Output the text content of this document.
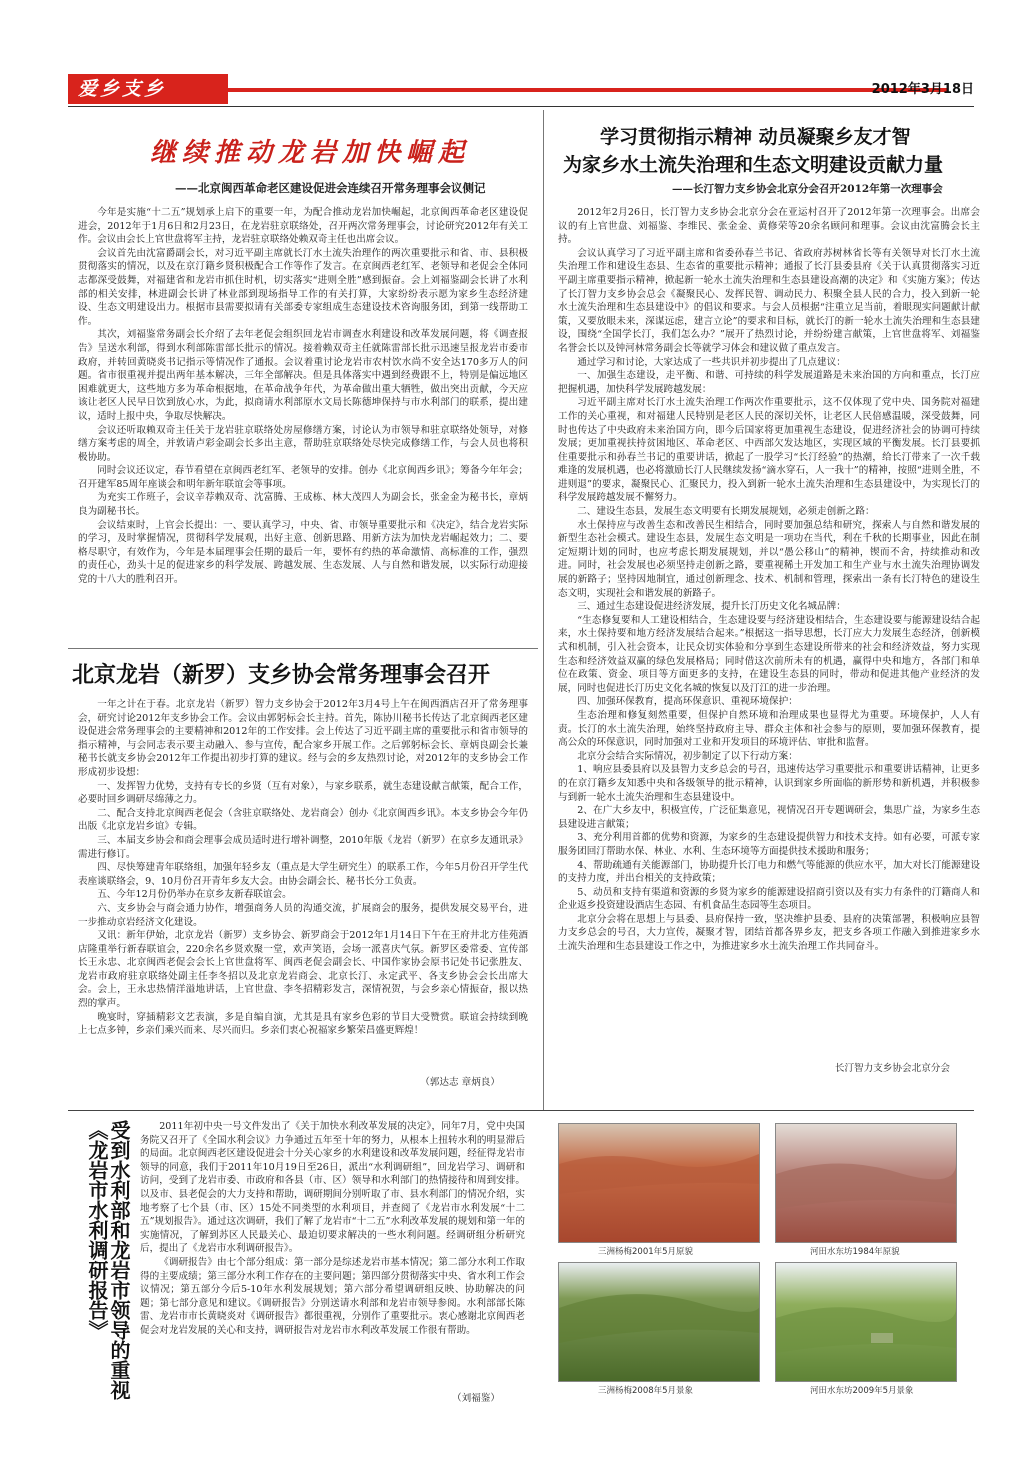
爱乡支乡	2012年3月18日
继续推动龙岩加快崛起
——北京闽西革命老区建设促进会连续召开常务理事会议侧记

今年是实施“十二五”规划承上启下的重要一年，为配合推动龙岩加快崛起，北京闽西革命老区建设促进会，2012年于1月6日和2月23日，在龙岩驻京联络处，召开两次常务理事会，讨论研究2012年有关工作。会议由会长上官世盘将军主持，龙岩驻京联络处赖双奇主任也出席会议。

会议首先由沈富爵副会长，对习近平副主席就长汀水土流失治理作的两次重要批示和省、市、县积极贯彻落实的情况，以及在京汀籍乡贤积极配合工作等作了发言。在京闽西老红军、老领导和老促会全体同志都深受鼓舞，对福建省和龙岩市抓住时机，切实落实“进则全胜”感到振奋。会上刘福鉴副会长讲了水利部的相关安排，林进副会长讲了林业部到现场指导工作的有关打算，大家纷纷表示愿为家乡生态经济建设、生态文明建设出力。根据市县需要拟请有关部委专家组成生态建设技术咨询服务团，到第一线帮助工作。

其次，刘福鉴常务副会长介绍了去年老促会组织回龙岩市调查水利建设和改革发展问题，将《调查报告》呈送水利部，得到水利部陈雷部长批示的情况。接着赖双奇主任就陈雷部长批示迅速呈报龙岩市委市政府，并转回黄晓炎书记指示等情况作了通报。会议着重讨论龙岩市农村饮水尚不安全达170多万人的问题。省市很重视并提出两年基本解决，三年全部解决。但是具体落实中遇到经费跟不上，特别是偏远地区困难就更大，这些地方多为革命根据地，在革命战争年代，为革命做出重大牺牲，做出突出贡献，今天应该让老区人民早日饮到放心水，为此，拟商请水利部原水文局长陈德坤保持与市水利部门的联系，提出建议，适时上报中央，争取尽快解决。

会议还听取赖双奇主任关于龙岩驻京联络处房屋修缮方案，讨论认为市领导和驻京联络处领导，对修缮方案考虑的周全，并敦请卢彩金副会长多出主意，帮助驻京联络处尽快完成修缮工作，与会人员也将积极协助。

同时会议还议定，春节看望在京闽西老红军、老领导的安排。创办《北京闽西乡讯》；筹备今年年会；召开建军85周年座谈会和明年新年联谊会等事项。

为充实工作班子，会议辛荐赖双奇、沈富腾、王成栋、林大茂四人为副会长，张金金为秘书长，章炳良为副秘书长。

会议结束时，上官会长提出：一、要认真学习，中央、省、市领导重要批示和《决定》，结合龙岩实际的学习，及时掌握情况，贯彻科学发展观，出好主意、创新思路、用新方法为加快龙岩崛起效力；二、要格尽职守，有效作为，今年是本届理事会任期的最后一年，要怀有约热的革命激情、高标准的工作，强烈的责任心，劲头十足的促进家乡的科学发展、跨越发展、生态发展、人与自然和谐发展，以实际行动迎接党的十八大的胜利召开。

北京龙岩（新罗）支乡协会常务理事会召开

一年之计在于春。北京龙岩（新罗）智力支乡协会于2012年3月4号上午在闽西酒店召开了常务理事会，研究讨论2012年支乡协会工作。会议由郭躬标会长主持。首先，陈协川秘书长传达了北京闽西老区建设促进会常务理事会的主要精神和2012年的工作安排。会上传达了习近平副主席的重要批示和省市领导的指示精神，与会同志表示要主动融入、参与宣传，配合家乡开展工作。之后郭躬标会长、章炳良副会长兼秘书长就支乡协会2012年工作提出初步打算的建议。经与会的乡友热烈讨论，对2012年的支乡协会工作形成初步设想：

一、发挥智力优势，支持有专长的乡贤（互有对象），与家乡联系，就生态建设献言献策，配合工作，必要时回乡调研尽绵薄之力。

二、配合支持北京闽西老促会（含驻京联络处、龙岩商会）创办《北京闽西乡讯》。本支乡协会今年仍出版《北京龙岩乡谊》专辑。

三、本届支乡协会和商会理事会成员适时进行增补调整，2010年版《龙岩（新罗）在京乡友通讯录》需进行修订。

四、尽快筹建青年联络组，加强年轻乡友（重点是大学生研究生）的联系工作，今年5月份召开学生代表座谈联络会，9、10月份召开青年乡友大会。由协会副会长、秘书长分工负责。

五、今年12月份仍举办在京乡友新春联谊会。

六、支乡协会与商会通力协作，增强商务人员的沟通交流，扩展商会的服务，提供发展交易平台，进一步推动京岩经济文化建设。

又讯：新年伊始，北京龙岩（新罗）支乡协会、新罗商会于2012年1月14日下午在王府井北方佳苑酒店隆重举行新春联谊会，220余名乡贤欢聚一堂，欢声笑语，会场一派喜庆气氛。新罗区委常委、宣传部长王永忠、北京闽西老促会会长上官世盘将军、闽西老促会副会长、中国作家协会原书记处书记张胜友、龙岩市政府驻京联络处副主任李冬招以及北京龙岩商会、北京长汀、永定武平、各支乡协会会长出席大会。会上，王永忠热情洋溢地讲话，上官世盘、李冬招精彩发言，深情祝贺，与会乡亲心情振奋，报以热烈的掌声。

晚宴时，穿插精彩文艺表演，多是自编自演，尤其是具有家乡色彩的节目大受赞赏。联谊会持续到晚上七点多钟，乡亲们乘兴而来、尽兴而归。乡亲们衷心祝福家乡繁荣昌盛更辉煌！

（郭达志 章炳良）
学习贯彻指示精神 动员凝聚乡友才智
为家乡水土流失治理和生态文明建设贡献力量
——长汀智力支乡协会北京分会召开2012年第一次理事会

2012年2月26日，长汀智力支乡协会北京分会在亚运村召开了2012年第一次理事会。出席会议的有上官世盘、刘福鉴、李维民、张金金、黄修荣等20余名顾问和理事。会议由沈富腾会长主持。

会议认真学习了习近平副主席和省委孙春兰书记、省政府苏树林省长等有关领导对长汀水土流失治理工作和建设生态县、生态省的重要批示精神；通报了长汀县委县府《关于认真贯彻落实习近平副主席重要指示精神，掀起新一轮水土流失治理和生态县建设高潮的决定》和《实施方案》；传达了长汀智力支乡协会总会《凝聚民心、发挥民智、调动民力、积聚全县人民的合力，投入到新一轮水土流失治理和生态县建设中》的倡议和要求。与会人员根据“注重立足当前，着眼现实问题献计献策，又要放眼未来，深谋远虑，建言立论”的要求和目标，就长汀的新一轮水土流失治理和生态县建设，围绕“全国学长汀，我们怎么办？”展开了热烈讨论，并纷纷建言献策，上官世盘将军、刘福鉴名誉会长以及钟河林常务副会长等就学习体会和建议做了重点发言。

通过学习和讨论，大家达成了一些共识并初步提出了几点建议：

一、加强生态建设，走平衡、和谐、可持续的科学发展道路是未来治国的方向和重点，长汀应把握机遇，加快科学发展跨越发展：

习近平副主席对长汀水土流失治理工作两次作重要批示，这不仅体现了党中央、国务院对福建工作的关心重视，和对福建人民特别是老区人民的深切关怀，让老区人民倍感温暖，深受鼓舞，同时也传达了中央政府未来治国方向，即今后国家将更加重视生态建设，促进经济社会的协调可持续发展；更加重视扶持贫困地区、革命老区、中西部欠发达地区，实现区域的平衡发展。长汀县要抓住重要批示和孙春兰书记的重要讲话，掀起了一股学习“长汀经验”的热潮，给长汀带来了一次千载难逢的发展机遇，也必将激励长汀人民继续发扬“滴水穿石，人一我十”的精神，按照“进则全胜，不进则退”的要求，凝聚民心、汇聚民力，投入到新一轮水土流失治理和生态县建设中，为实现长汀的科学发展跨越发展不懈努力。

二、建设生态县，发展生态文明要有长期发展规划，必须走创新之路：

水土保持应与改善生态和改善民生相结合，同时要加强总结和研究，探索人与自然和谐发展的新型生态社会模式。建设生态县，发展生态文明是一项功在当代，利在千秋的长期事业，因此在制定短期计划的同时，也应考虑长期发展规划，并以“愚公移山”的精神，锲而不舍，持续推动和改进。同时，社会发展也必须坚持走创新之路，要重视稀土开发加工和生产业与水土流失治理协调发展的新路子；坚持因地制宜，通过创新理念、技术、机制和管理，探索出一条有长汀特色的建设生态文明，实现社会和谐发展的新路子。

三、通过生态建设促进经济发展，提升长汀历史文化名城品牌：

“生态修复要和人工建设相结合，生态建设要与经济建设相结合，生态建设要与能源建设结合起来，水土保持要和地方经济发展结合起来。”根据这一指导思想，长汀应大力发展生态经济，创新模式和机制，引入社会资本，让民众切实体验和分享到生态建设所带来的社会和经济效益，努力实现生态和经济效益双赢的绿色发展格局；同时借这次前所未有的机遇，赢得中央和地方，各部门和单位在政策、资金、项目等方面更多的支持，在建设生态县的同时，带动和促进其他产业经济的发展，同时也促进长汀历史文化名城的恢复以及汀江的进一步治理。

四、加强环保教育，提高环保意识、重视环境保护：

生态治理和修复刻然重要，但保护自然环境和治理成果也显得尤为重要。环境保护，人人有责。长汀的水土流失治理，始终坚持政府主导、群众主体和社会参与的原则，要加强环保教育，提高公众的环保意识，同时加强对工业和开发项目的环境评估、审批和监督。

北京分会结合实际情况，初步制定了以下行动方案：

1、响应县委县府以及县智力支乡总会的号召，迅速传达学习重要批示和重要讲话精神，让更多的在京汀籍乡友知悉中央和各级领导的批示精神，认识到家乡所面临的新形势和新机遇，并积极参与到新一轮水土流失治理和生态县建设中。

2、在广大乡友中，积极宣传，广泛征集意见，视情况召开专题调研会，集思广益，为家乡生态县建设进言献策；

3、充分利用首都的优势和资源，为家乡的生态建设提供智力和技术支持。如有必要，可派专家服务团回汀帮助水保、林业、水利、生态环境等方面提供技术援助和服务；

4、帮助疏通有关能源部门，协助提升长汀电力和燃气等能源的供应水平，加大对长汀能源建设的支持力度，并出台相关的支持政策；

5、动员和支持有渠道和资源的乡贤为家乡的能源建设招商引资以及有实力有条件的汀籍商人和企业返乡投资建设酒店生态园、有机食品生态园等生态项目。

北京分会将在思想上与县委、县府保持一致，坚决维护县委、县府的决策部署，积极响应县智力支乡总会的号召，大力宣传，凝聚才智，团结首都各界乡友，把支乡各项工作融入到推进家乡水土流失治理和生态县建设工作之中，为推进家乡水土流失治理工作共同奋斗。

长汀智力支乡协会北京分会
受到水利部和龙岩市领导的重视
《龙岩市水利调研报告》	2011年初中央一号文件发出了《关于加快水利改革发展的决定》，同年7月，党中央国务院又召开了《全国水利会议》力争通过五年至十年的努力，从根本上扭转水利的明显滞后的局面。北京闽西老区建设促进会十分关心家乡的水利建设和改革发展问题，经征得龙岩市领导的同意，我们于2011年10月19日至26日，派出“水利调研组”，回龙岩学习、调研和访问，受到了龙岩市委、市政府和各县（市、区）领导和水利部门的热情接待和周到安排。以及市、县老促会的大力支持和帮助，调研期间分别听取了市、县水利部门的情况介绍，实地考察了七个县（市、区）15处不同类型的水利项目，并查阅了《龙岩市水利发展“十二五”规划报告》。通过这次调研，我们了解了龙岩市“十二五”水利改革发展的规划和第一年的实施情况，了解到苏区人民最关心、最迫切要求解决的一些水利问题。经调研组分析研究后，提出了《龙岩市水利调研报告》。

《调研报告》由七个部分组成：第一部分是综述龙岩市基本情况；第二部分水利工作取得的主要成绩；第三部分水利工作存在的主要问题；第四部分贯彻落实中央、省水利工作会议情况；第五部分今后5-10年水利发展规划；第六部分希望调研组反映、协助解决的问题；第七部分意见和建议。《调研报告》分别送请水利部和龙岩市领导参阅。水利部部长陈雷、龙岩市市长黄晓炎对《调研报告》都很重视，分别作了重要批示。衷心感谢北京闽西老促会对龙岩发展的关心和支持，调研报告对龙岩市水利改革发展工作很有帮助。

（刘福鉴）
三洲杨梅2001年5月原貌	河田水东坊1984年原貌
三洲杨梅2008年5月景象	河田水东坊2009年5月景象
